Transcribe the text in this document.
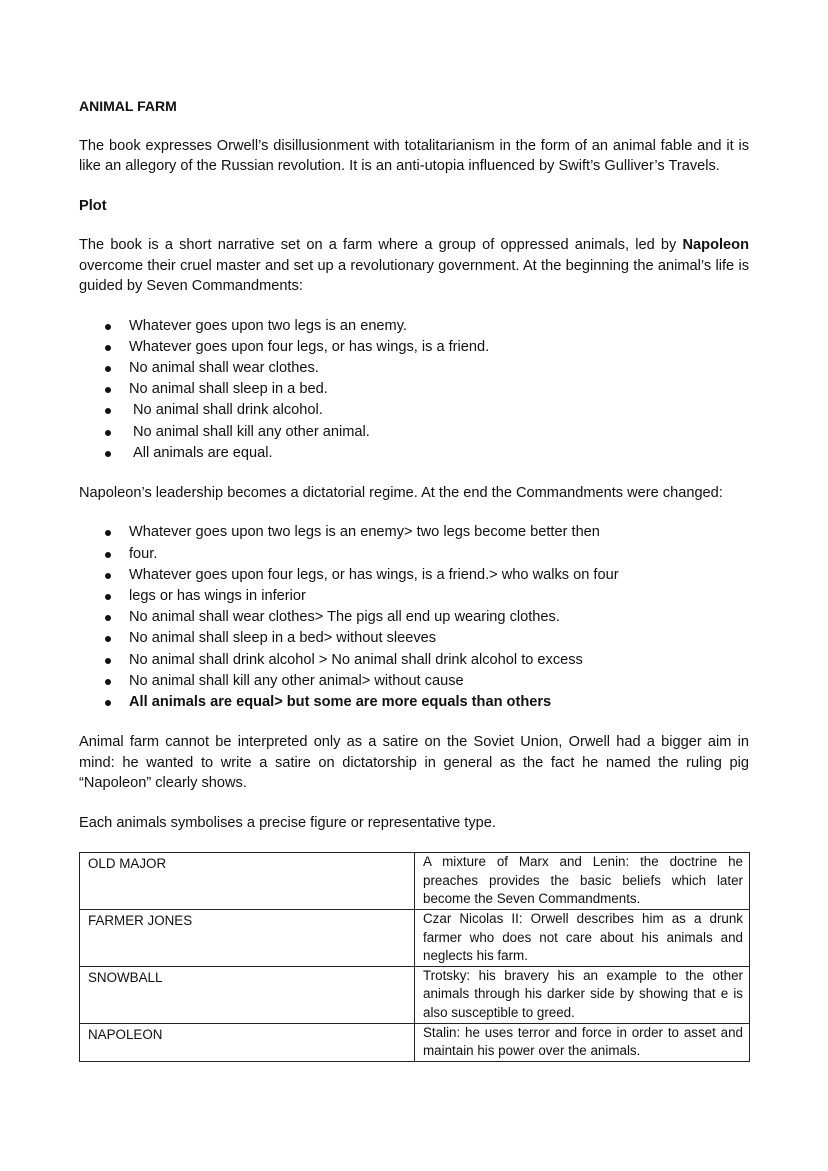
ANIMAL FARM

The book expresses Orwell’s disillusionment with totalitarianism in the form of an animal fable and it is like an allegory of the Russian revolution. It is an anti-utopia influenced by Swift’s Gulliver’s Travels.

Plot

The book is a short narrative set on a farm where a group of oppressed animals, led by Napoleon overcome their cruel master and set up a revolutionary government. At the beginning the animal’s life is guided by Seven Commandments:

Whatever goes upon two legs is an enemy.
Whatever goes upon four legs, or has wings, is a friend.
No animal shall wear clothes.
No animal shall sleep in a bed.
No animal shall drink alcohol.
No animal shall kill any other animal.
All animals are equal.

Napoleon’s leadership becomes a dictatorial regime. At the end the Commandments were changed:

Whatever goes upon two legs is an enemy> two legs become better then
four.
Whatever goes upon four legs, or has wings, is a friend.> who walks on four
legs or has wings in inferior
No animal shall wear clothes> The pigs all end up wearing clothes.
No animal shall sleep in a bed> without sleeves
No animal shall drink alcohol > No animal shall drink alcohol to excess
No animal shall kill any other animal> without cause
All animals are equal> but some are more equals than others

Animal farm cannot be interpreted only as a satire on the Soviet Union, Orwell had a bigger aim in mind: he wanted to write a satire on dictatorship in general as the fact he named the ruling pig “Napoleon” clearly shows.

Each animals symbolises a precise figure or representative type.

OLD MAJOR	A mixture of Marx and Lenin: the doctrine he preaches provides the basic beliefs which later become the Seven Commandments.
FARMER JONES	Czar Nicolas II: Orwell describes him as a drunk farmer who does not care about his animals and neglects his farm.
SNOWBALL	Trotsky: his bravery his an example to the other animals through his darker side by showing that e is also susceptible to greed.
NAPOLEON	Stalin: he uses terror and force in order to asset and maintain his power over the animals.
